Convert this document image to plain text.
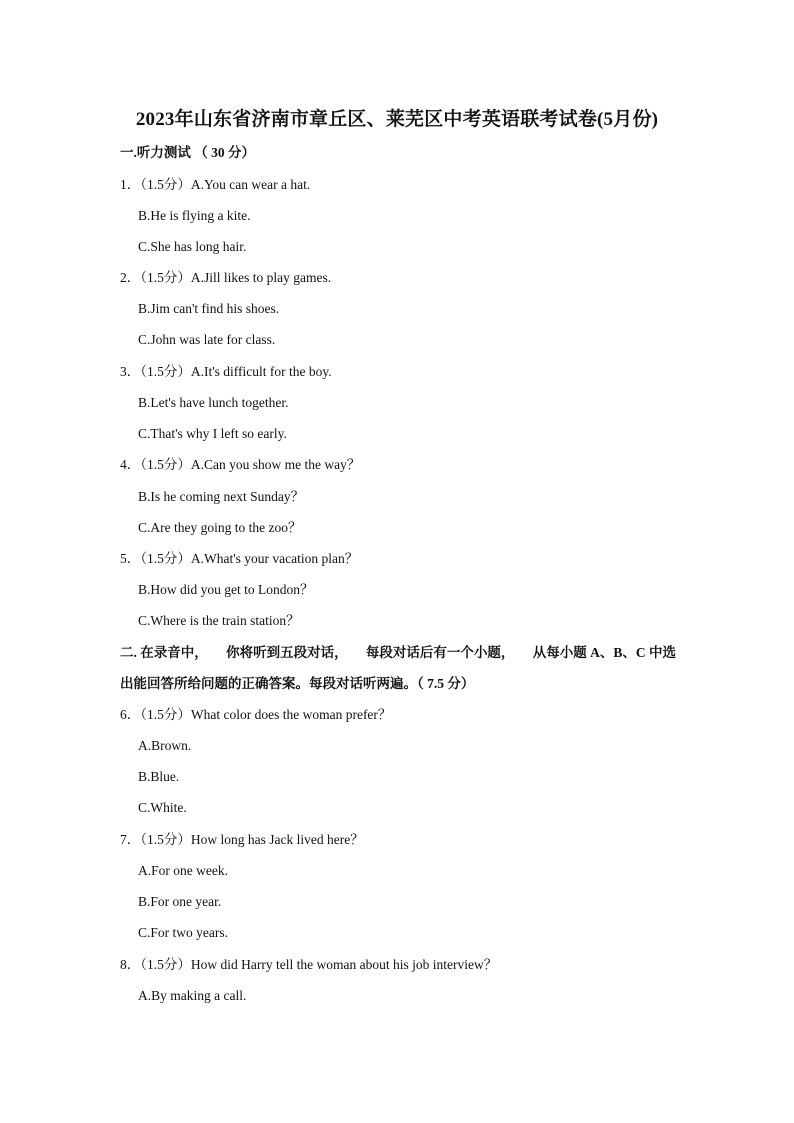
2023年山东省济南市章丘区、莱芜区中考英语联考试卷(5月份)
一.听力测试 （ 30 分）
1．（1.5分）A.You can wear a hat.
B.He is flying a kite.
C.She has long hair.
2．（1.5分）A.Jill likes to play games.
B.Jim can't find his shoes.
C.John was late for class.
3．（1.5分）A.It's difficult for the boy.
B.Let's have lunch together.
C.That's why I left so early.
4．（1.5分）A.Can you show me the way？
B.Is he coming next Sunday？
C.Are they going to the zoo？
5．（1.5分）A.What's your vacation plan？
B.How did you get to London？
C.Where is the train station？
二. 在录音中， 你将听到五段对话， 每段对话后有一个小题， 从每小题 A、B、C 中选
出能回答所给问题的正确答案。每段对话听两遍。（ 7.5 分）
6．（1.5分）What color does the woman prefer？
A.Brown.
B.Blue.
C.White.
7．（1.5分）How long has Jack lived here？
A.For one week.
B.For one year.
C.For two years.
8．（1.5分）How did Harry tell the woman about his job interview？
A.By making a call.
